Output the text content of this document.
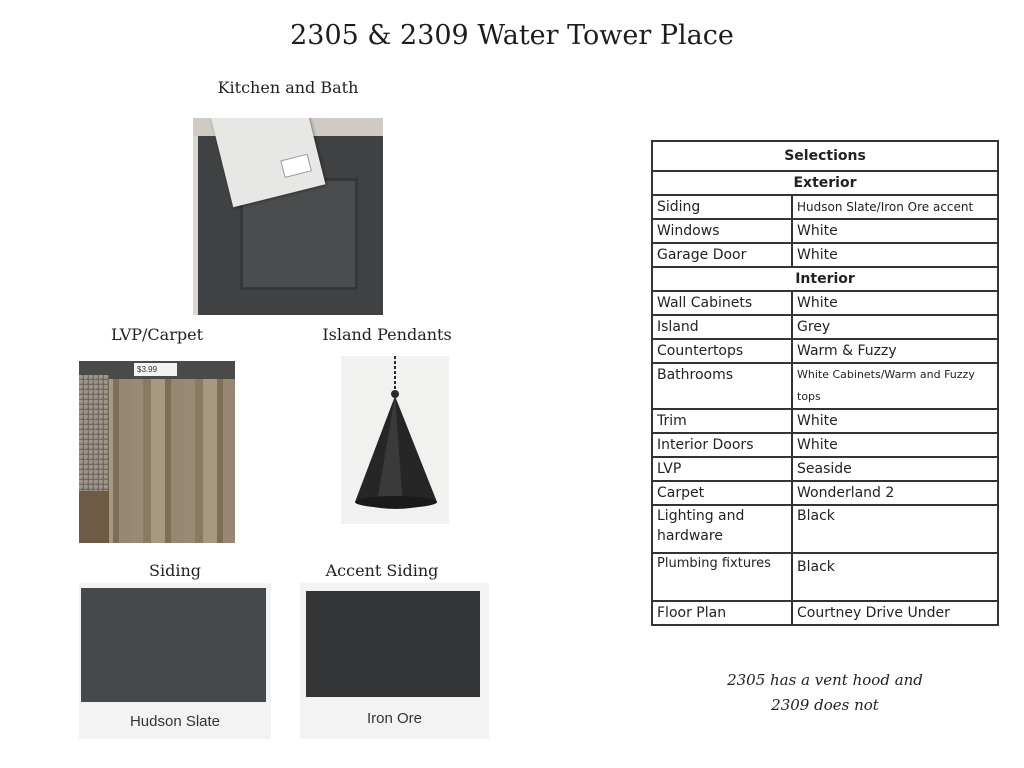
2305 & 2309 Water Tower Place
Kitchen and Bath
LVP/Carpet
$3.99
Island Pendants
Siding
Hudson Slate
Accent Siding
Iron Ore
Selections	
Exterior	
Siding	Hudson Slate/Iron Ore accent
Windows	White
Garage Door	White
Interior	
Wall Cabinets	White
Island	Grey
Countertops	Warm & Fuzzy
Bathrooms	White Cabinets/Warm and Fuzzy tops
Trim	White
Interior Doors	White
LVP	Seaside
Carpet	Wonderland 2
Lighting and hardware	Black
Plumbing fixtures	Black
Floor Plan	Courtney Drive Under
2305 has a vent hood and
2309 does not
